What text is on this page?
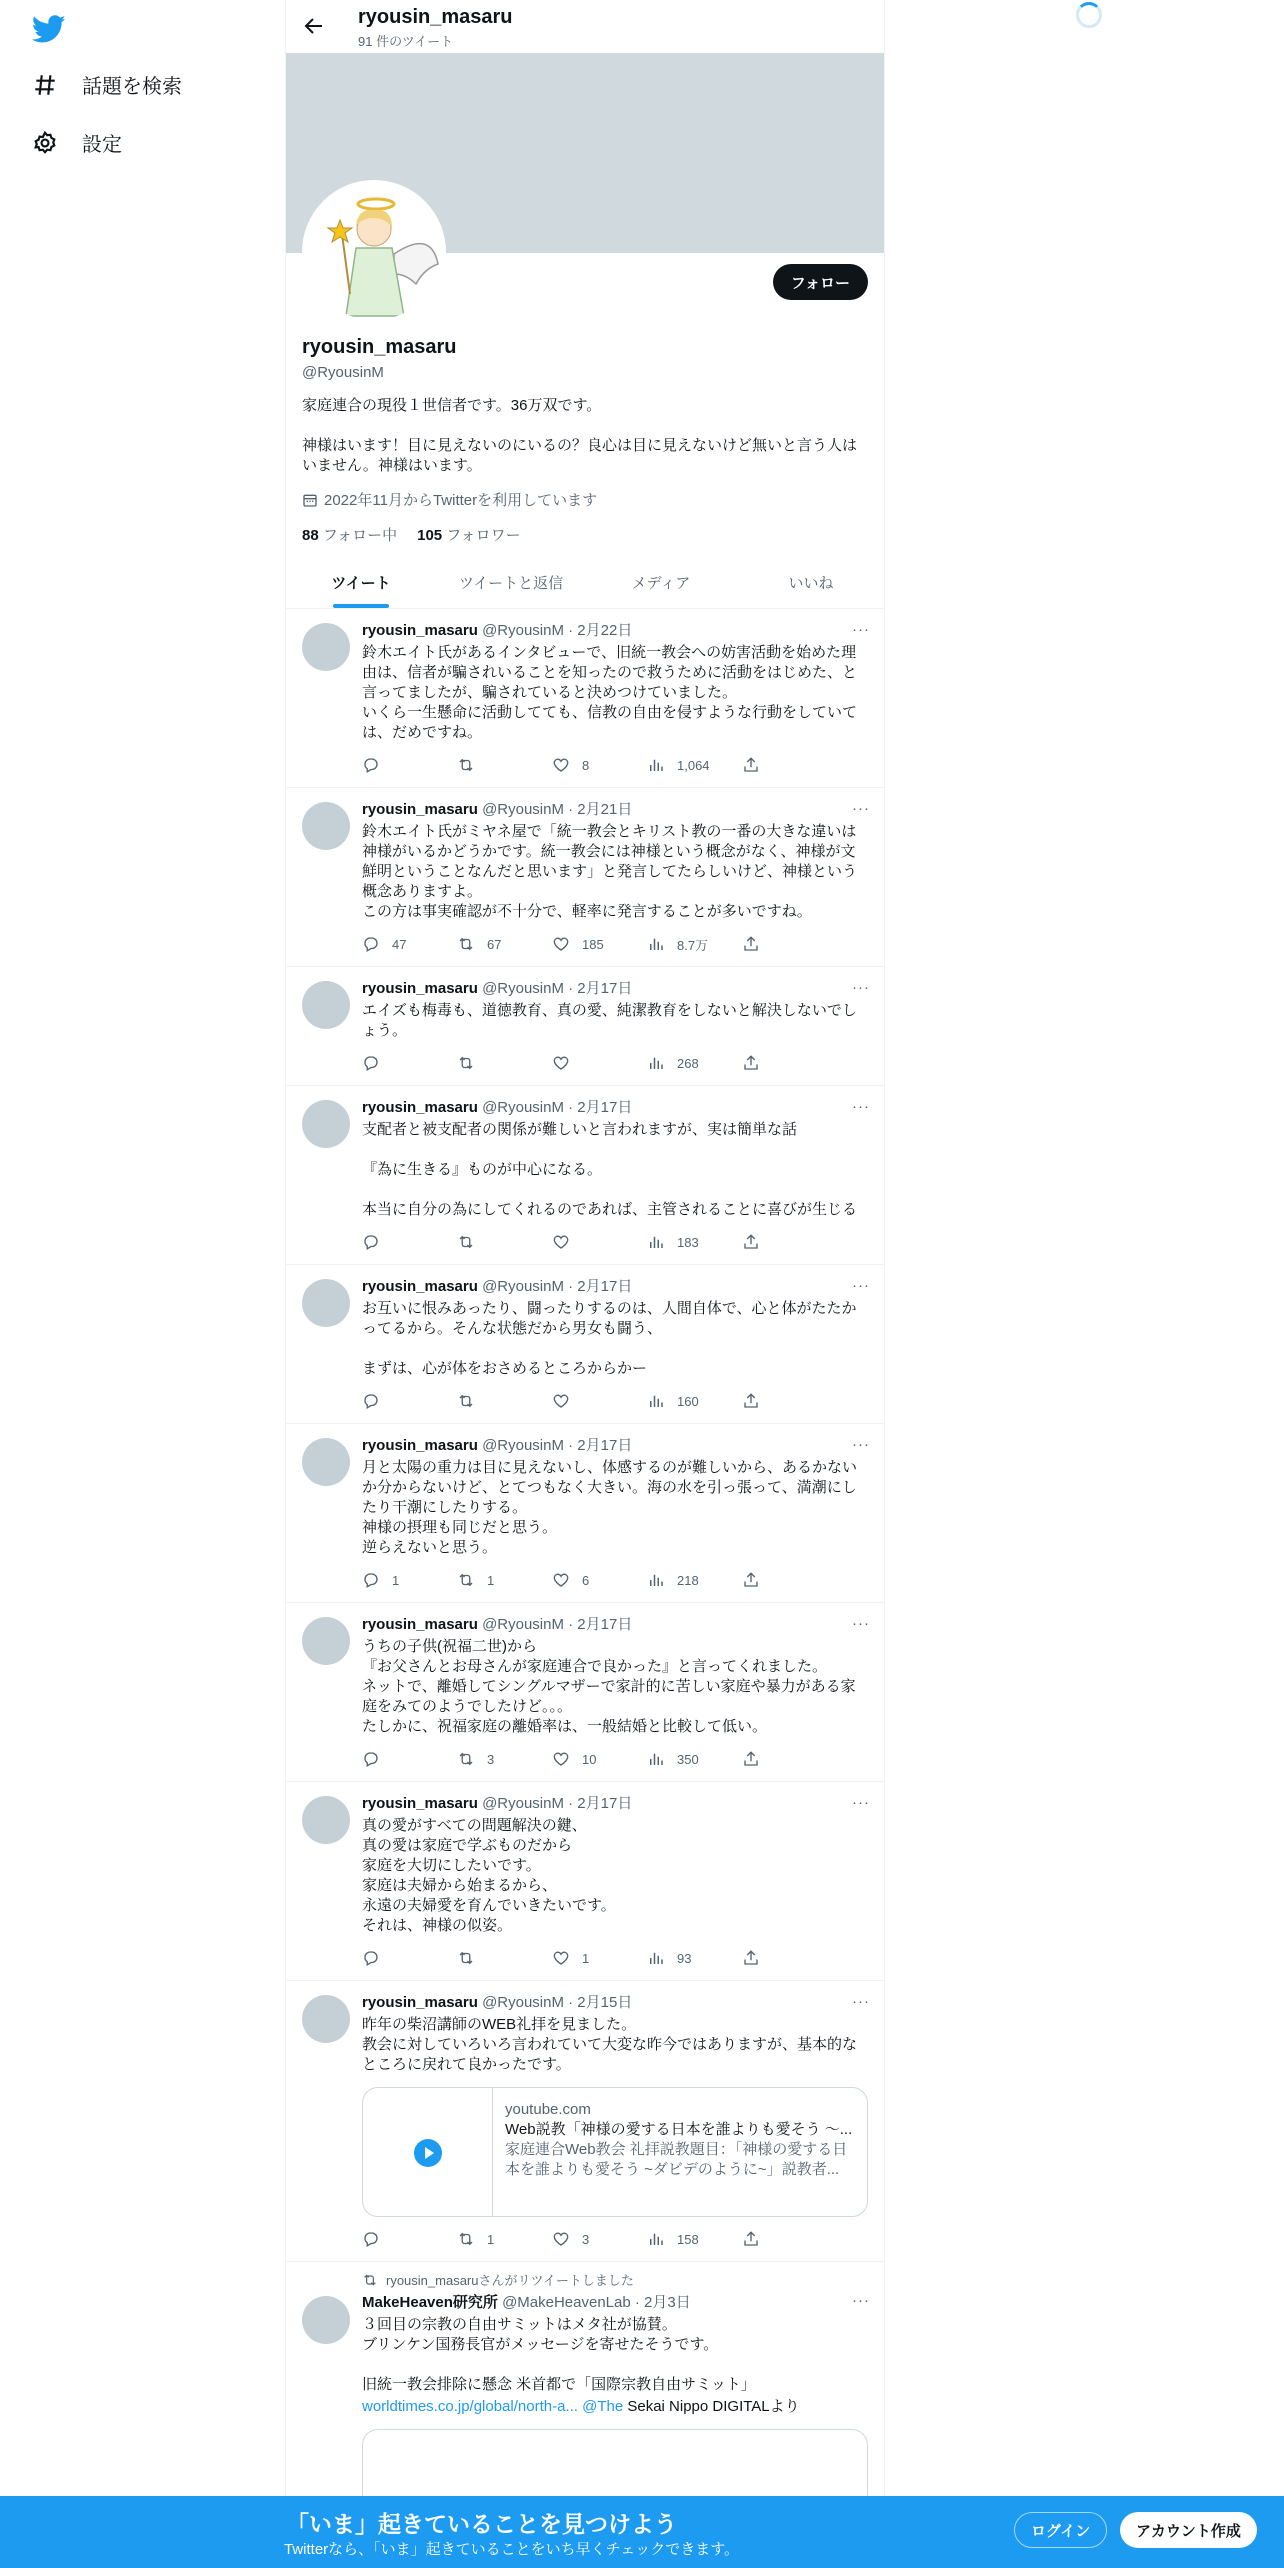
話題を検索
設定
ryousin_masaru
91 件のツイート
フォロー
ryousin_masaru
@RyousinM
家庭連合の現役１世信者です。36万双です。

神様はいます！目に見えないのにいるの？良心は目に見えないけど無いと言う人はいません。神様はいます。
2022年11月からTwitterを利用しています
88 フォロー中 105 フォロワー
ツイート	ツイートと返信	メディア	いいね
···
ryousin_masaru @RyousinM · 2月22日
鈴木エイト氏があるインタビューで、旧統一教会への妨害活動を始めた理由は、信者が騙されいることを知ったので救うために活動をはじめた、と言ってましたが、騙されていると決めつけていました。
いくら一生懸命に活動してても、信教の自由を侵すような行動をしていては、だめですね。
8	1,064
···
ryousin_masaru @RyousinM · 2月21日
鈴木エイト氏がミヤネ屋で「統一教会とキリスト教の一番の大きな違いは神様がいるかどうかです。統一教会には神様という概念がなく、神様が文鮮明ということなんだと思います」と発言してたらしいけど、神様という概念ありますよ。
この方は事実確認が不十分で、軽率に発言することが多いですね。
47	67	185	8.7万
···
ryousin_masaru @RyousinM · 2月17日
エイズも梅毒も、道徳教育、真の愛、純潔教育をしないと解決しないでしょう。
268
···
ryousin_masaru @RyousinM · 2月17日
支配者と被支配者の関係が難しいと言われますが、実は簡単な話

『為に生きる』ものが中心になる。

本当に自分の為にしてくれるのであれば、主管されることに喜びが生じる
183
···
ryousin_masaru @RyousinM · 2月17日
お互いに恨みあったり、闘ったりするのは、人間自体で、心と体がたたかってるから。そんな状態だから男女も闘う、

まずは、心が体をおさめるところからかー
160
···
ryousin_masaru @RyousinM · 2月17日
月と太陽の重力は目に見えないし、体感するのが難しいから、あるかないか分からないけど、とてつもなく大きい。海の水を引っ張って、満潮にしたり干潮にしたりする。
神様の摂理も同じだと思う。
逆らえないと思う。
1	1	6	218
···
ryousin_masaru @RyousinM · 2月17日
うちの子供(祝福二世)から
『お父さんとお母さんが家庭連合で良かった』と言ってくれました。
ネットで、離婚してシングルマザーで家計的に苦しい家庭や暴力がある家庭をみてのようでしたけど。。。
たしかに、祝福家庭の離婚率は、一般結婚と比較して低い。
3	10	350
···
ryousin_masaru @RyousinM · 2月17日
真の愛がすべての問題解決の鍵、
真の愛は家庭で学ぶものだから
家庭を大切にしたいです。
家庭は夫婦から始まるから、
永遠の夫婦愛を育んでいきたいです。
それは、神様の似姿。
1	93
···
ryousin_masaru @RyousinM · 2月15日
昨年の柴沼講師のWEB礼拝を見ました。
教会に対していろいろ言われていて大変な昨今ではありますが、基本的なところに戻れて良かったです。
youtube.com
Web説教「神様の愛する日本を誰よりも愛そう ～...
家庭連合Web教会 礼拝説教題目：「神様の愛する日本を誰よりも愛そう ~ダビデのように~」説教者...
1	3	158
ryousin_masaruさんがリツイートしました
···
MakeHeaven研究所 @MakeHeavenLab · 2月3日
３回目の宗教の自由サミットはメタ社が協賛。
ブリンケン国務長官がメッセージを寄せたそうです。

旧統一教会排除に懸念 米首都で「国際宗教自由サミット」
worldtimes.co.jp/global/north-a... @The Sekai Nippo DIGITALより
「いま」起きていることを見つけよう
Twitterなら、「いま」起きていることをいち早くチェックできます。
ログイン	アカウント作成
